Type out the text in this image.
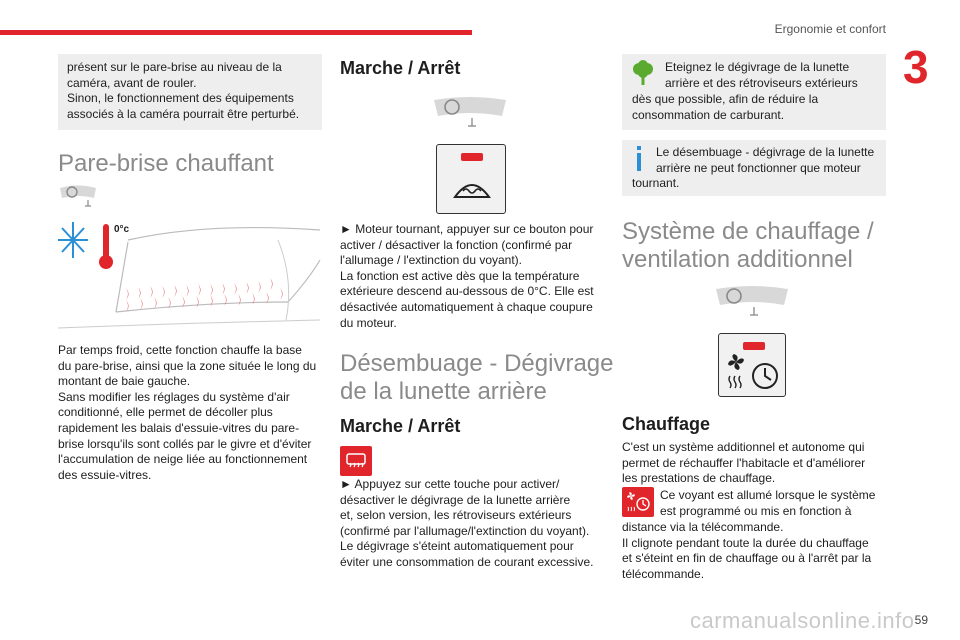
Ergonomie et confort
3
présent sur le pare-brise au niveau de la
caméra, avant de rouler.
Sinon, le fonctionnement des équipements
associés à la caméra pourrait être perturbé.
Pare-brise chauffant
0°c
Par temps froid, cette fonction chauffe la base
du pare-brise, ainsi que la zone située le long du
montant de baie gauche.
Sans modifier les réglages du système d'air
conditionné, elle permet de décoller plus
rapidement les balais d'essuie-vitres du pare-
brise lorsqu'ils sont collés par le givre et d'éviter
l'accumulation de neige liée au fonctionnement
des essuie-vitres.
Marche / Arrêt
► Moteur tournant, appuyer sur ce bouton pour
activer / désactiver la fonction (confirmé par
l'allumage / l'extinction du voyant).
La fonction est active dès que la température
extérieure descend au-dessous de 0°C. Elle est
désactivée automatiquement à chaque coupure
du moteur.
Désembuage - Dégivrage
de la lunette arrière
Marche / Arrêt
► Appuyez sur cette touche pour activer/
désactiver le dégivrage de la lunette arrière
et, selon version, les rétroviseurs extérieurs
(confirmé par l'allumage/l'extinction du voyant).
Le dégivrage s'éteint automatiquement pour
éviter une consommation de courant excessive.
Eteignez le dégivrage de la lunette
arrière et des rétroviseurs extérieurs
dès que possible, afin de réduire la
consommation de carburant.
Le désembuage - dégivrage de la lunette
arrière ne peut fonctionner que moteur
tournant.
Système de chauffage /
ventilation additionnel
Chauffage
C'est un système additionnel et autonome qui
permet de réchauffer l'habitacle et d'améliorer
les prestations de chauffage.
Ce voyant est allumé lorsque le système
est programmé ou mis en fonction à
distance via la télécommande.
Il clignote pendant toute la durée du chauffage
et s'éteint en fin de chauffage ou à l'arrêt par la
télécommande.
carmanualsonline.info 59
